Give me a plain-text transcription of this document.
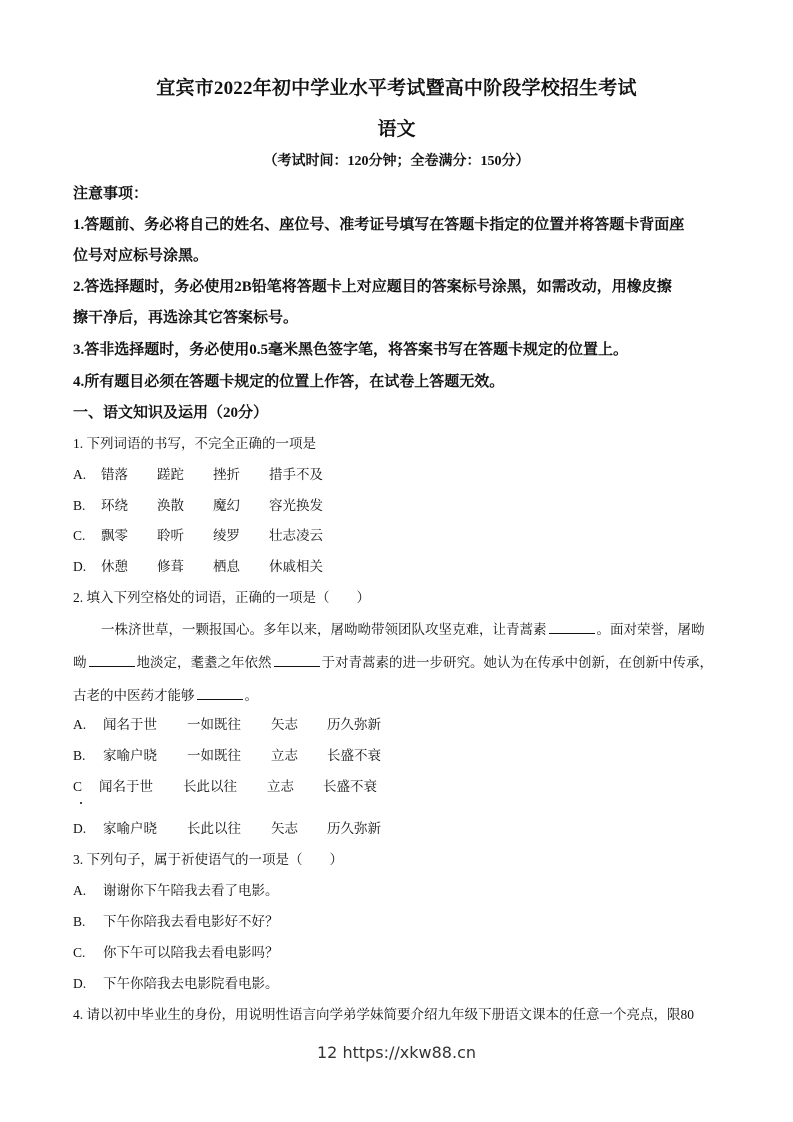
宜宾市2022年初中学业水平考试暨高中阶段学校招生考试
语文
（考试时间：120分钟；全卷满分：150分）
注意事项：
1.答题前、务必将自己的姓名、座位号、准考证号填写在答题卡指定的位置并将答题卡背面座
位号对应标号涂黑。
2.答选择题时，务必使用2B铅笔将答题卡上对应题目的答案标号涂黑，如需改动，用橡皮擦
擦干净后，再选涂其它答案标号。
3.答非选择题时，务必使用0.5毫米黑色签字笔，将答案书写在答题卡规定的位置上。
4.所有题目必须在答题卡规定的位置上作答，在试卷上答题无效。
一、语文知识及运用（20分）
1. 下列词语的书写，不完全正确的一项是
A. 错落 蹉跎 挫折 措手不及
B. 环绕 涣散 魔幻 容光换发
C. 飘零 聆听 绫罗 壮志凌云
D. 休憩 修葺 栖息 休戚相关
2. 填入下列空格处的词语，正确的一项是（　　）
一株济世草，一颗报国心。多年以来，屠呦呦带领团队攻坚克难，让青蒿素	。面对荣誉，屠呦
呦	地淡定，耄耋之年依然	于对青蒿素的进一步研究。她认为在传承中创新，在创新中传承，
古老的中医药才能够	。
A. 闻名于世 一如既往 矢志 历久弥新
B. 家喻户晓 一如既往 立志 长盛不衰
C 闻名于世 长此以往 立志 长盛不衰
D. 家喻户晓 长此以往 矢志 历久弥新
3. 下列句子，属于祈使语气的一项是（　　）
A. 谢谢你下午陪我去看了电影。
B. 下午你陪我去看电影好不好？
C. 你下午可以陪我去看电影吗？
D. 下午你陪我去电影院看电影。
4. 请以初中毕业生的身份，用说明性语言向学弟学妹简要介绍九年级下册语文课本的任意一个亮点，限80
12 https://xkw88.cn
